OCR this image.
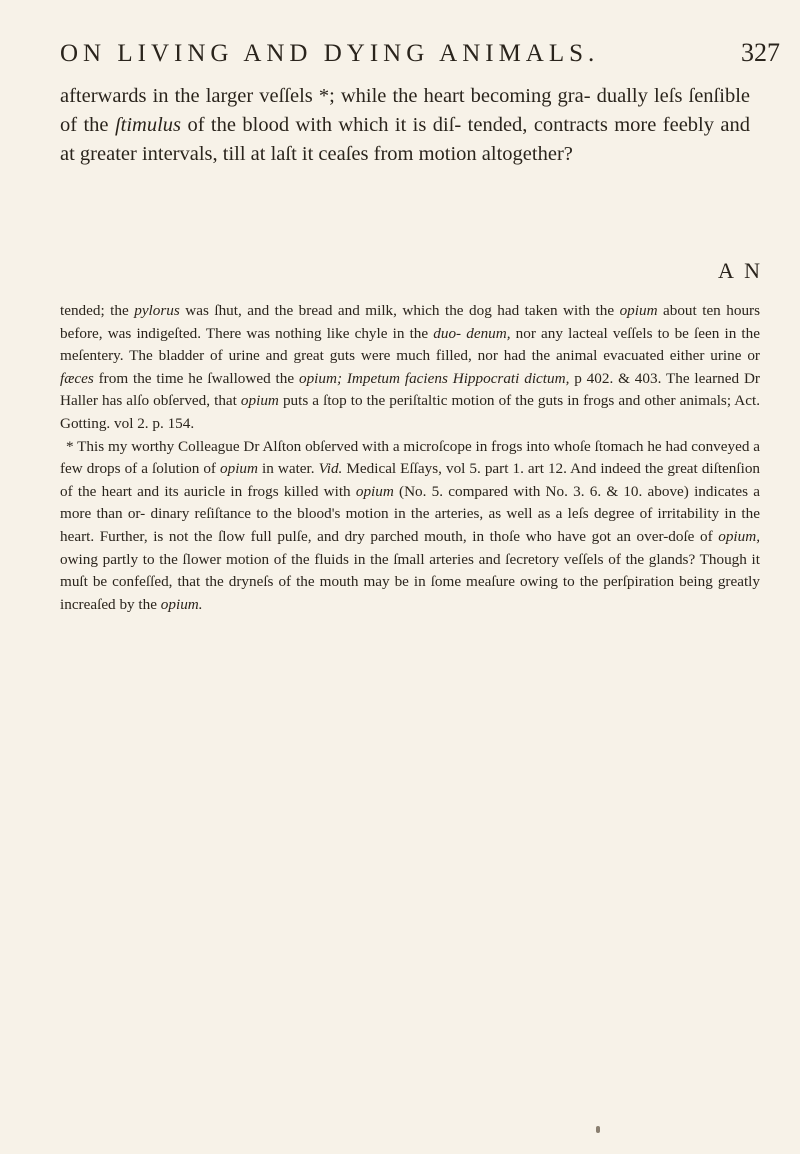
ON LIVING AND DYING ANIMALS.	327
afterwards in the larger veſſels *; while the heart becoming gra- dually leſs ſenſible of the ſtimulus of the blood with which it is diſ- tended, contracts more feebly and at greater intervals, till at laſt it ceaſes from motion altogether?
A N

tended; the pylorus was ſhut, and the bread and milk, which the dog had taken with the opium about ten hours before, was indigeſted. There was nothing like chyle in the duo- denum, nor any lacteal veſſels to be ſeen in the meſentery. The bladder of urine and great guts were much filled, nor had the animal evacuated either urine or fæces from the time he ſwallowed the opium; Impetum faciens Hippocrati dictum, p 402. & 403. The learned Dr Haller has alſo obſerved, that opium puts a ſtop to the periſtaltic motion of the guts in frogs and other animals; Act. Gotting. vol 2. p. 154.

* This my worthy Colleague Dr Alſton obſerved with a microſcope in frogs into whoſe ſtomach he had conveyed a few drops of a ſolution of opium in water. Vid. Medical Eſſays, vol 5. part 1. art 12. And indeed the great diſtenſion of the heart and its auricle in frogs killed with opium (No. 5. compared with No. 3. 6. & 10. above) indicates a more than or- dinary reſiſtance to the blood's motion in the arteries, as well as a leſs degree of irritability in the heart. Further, is not the ſlow full pulſe, and dry parched mouth, in thoſe who have got an over-doſe of opium, owing partly to the ſlower motion of the fluids in the ſmall arteries and ſecretory veſſels of the glands? Though it muſt be confeſſed, that the dryneſs of the mouth may be in ſome meaſure owing to the perſpiration being greatly increaſed by the opium.
